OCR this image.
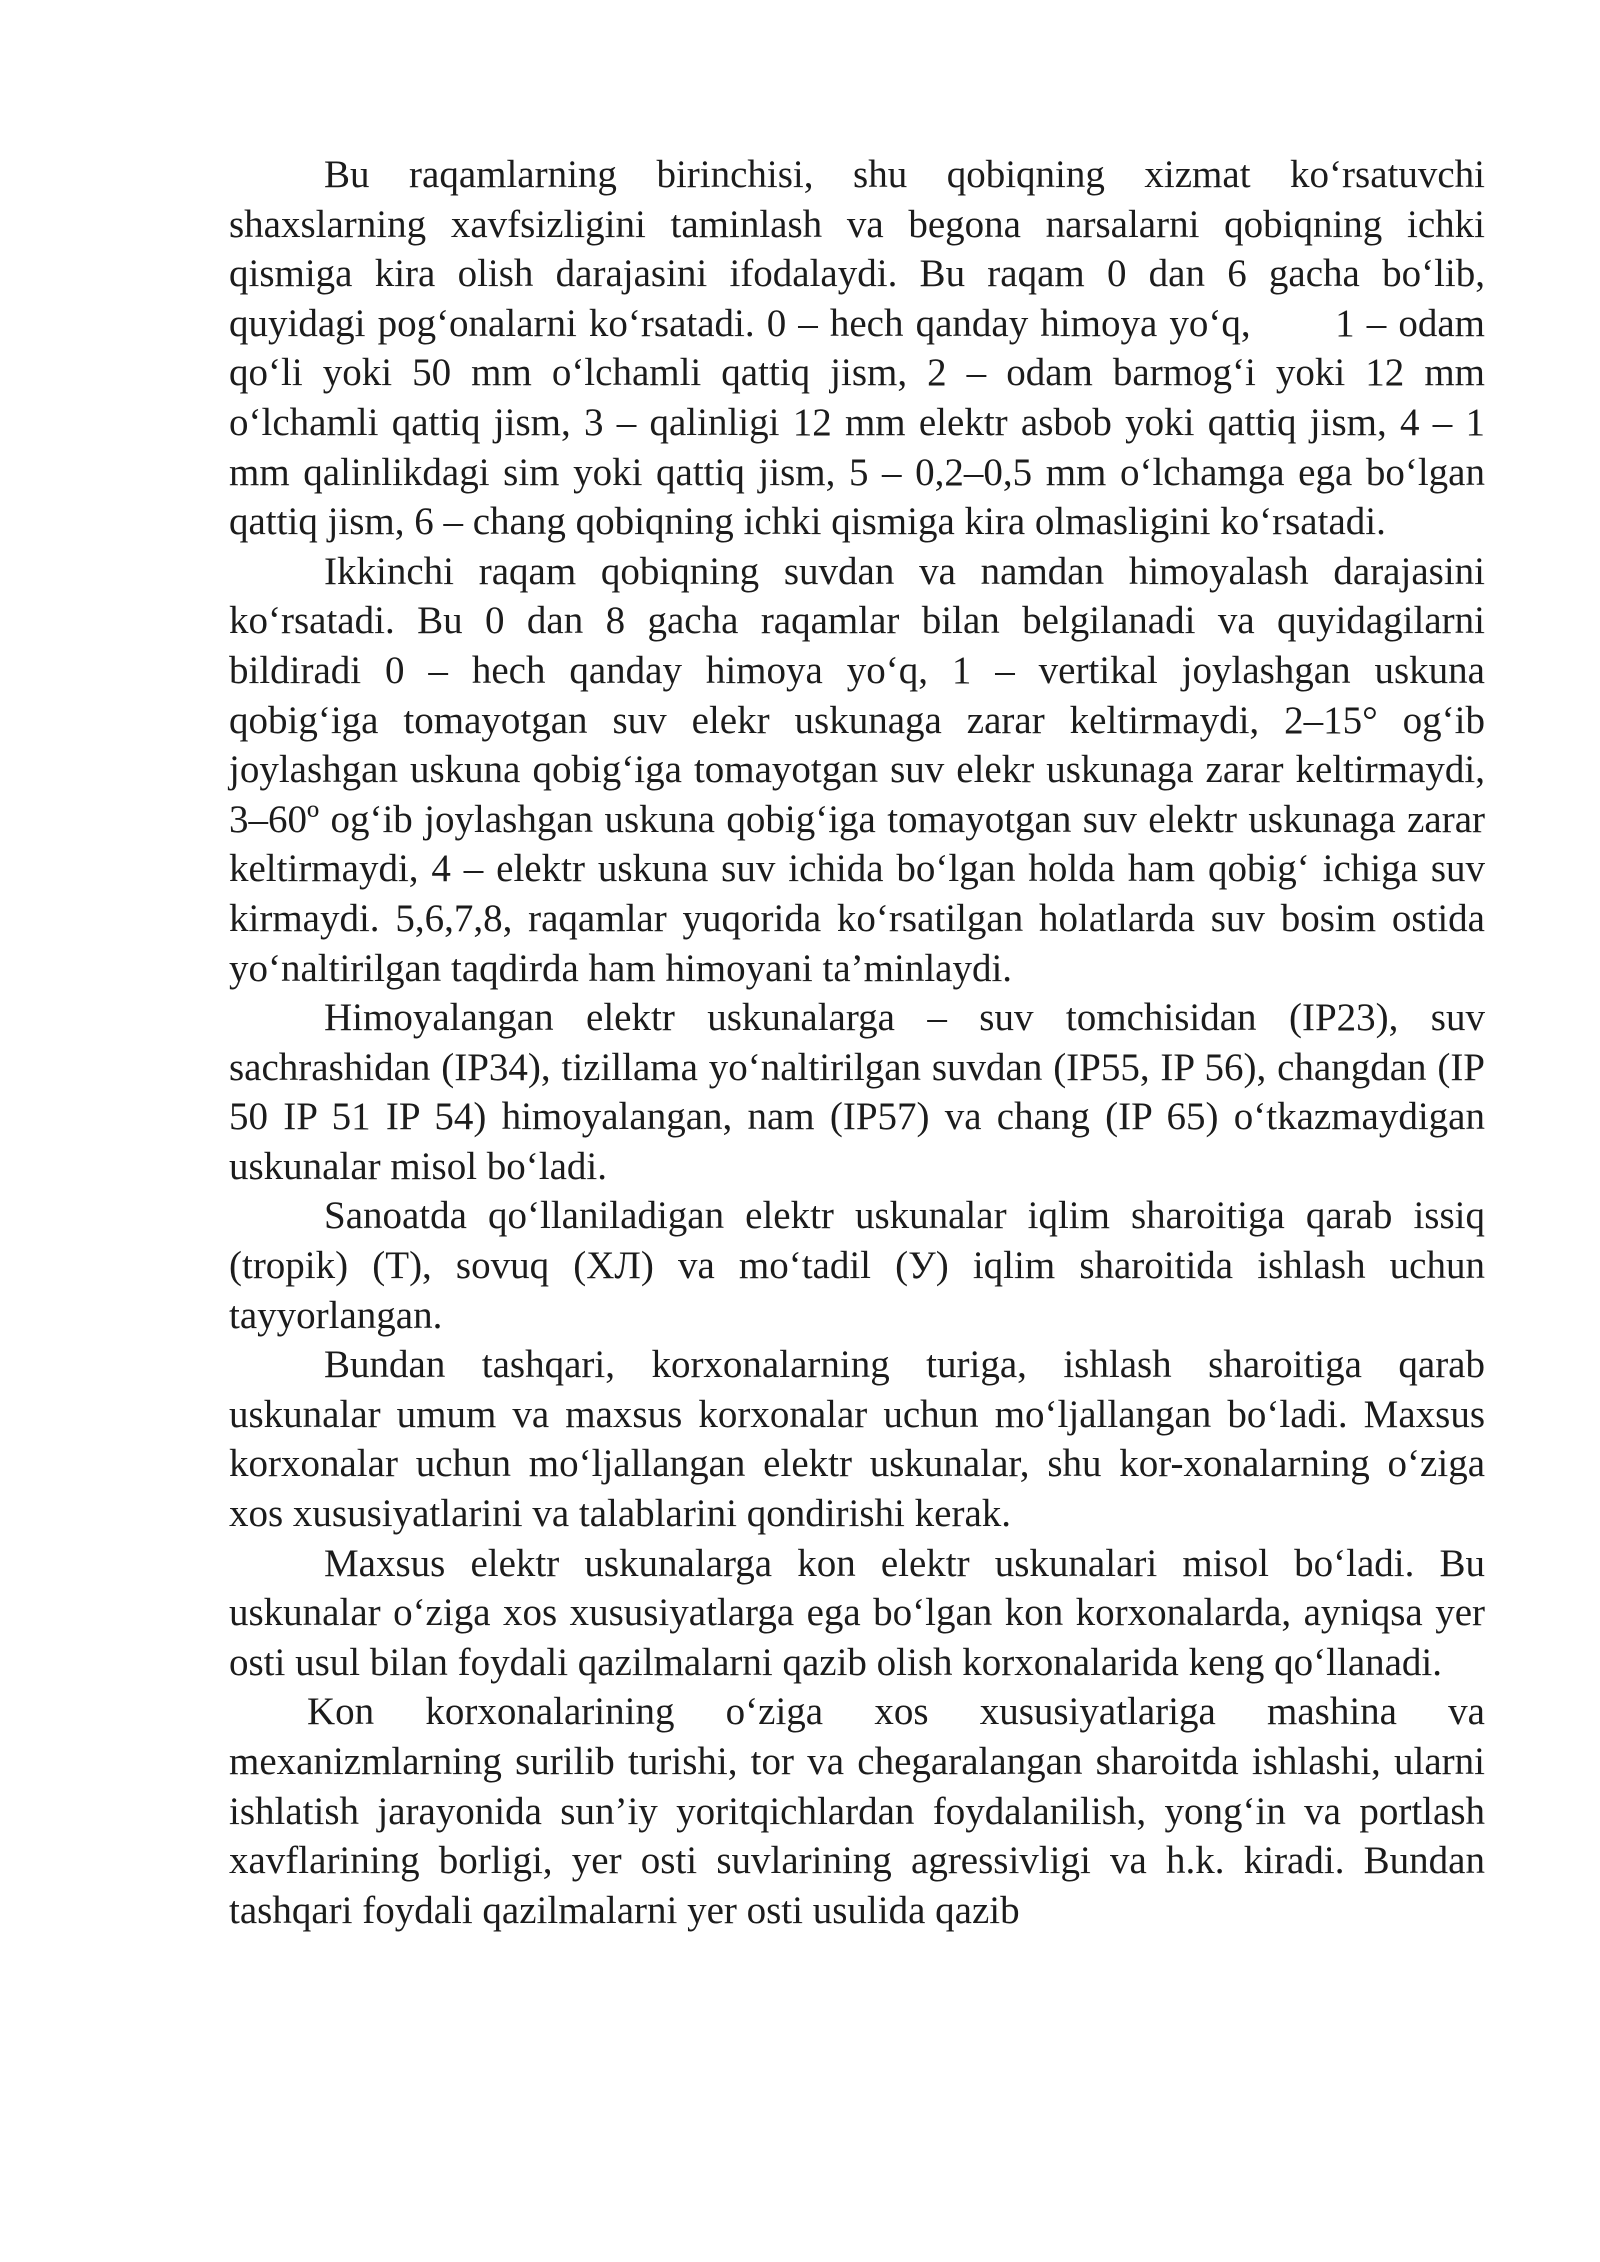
Bu raqamlarning birinchisi, shu qobiqning xizmat ko‘rsatuvchi shaxslarning xavfsizligini taminlash va begona narsalarni qobiqning ichki qismiga kira olish darajasini ifodalaydi. Bu raqam 0 dan 6 gacha bo‘lib, quyidagi pog‘onalarni ko‘rsatadi. 0 – hech qanday himoya yo‘q,       1 – odam qo‘li yoki 50 mm o‘lchamli qattiq jism, 2 – odam barmog‘i yoki 12 mm o‘lchamli qattiq jism, 3 – qalinligi 12 mm elektr asbob yoki qattiq jism, 4 – 1 mm qalinlikdagi sim yoki qattiq jism, 5 – 0,2–0,5 mm o‘lchamga ega bo‘lgan qattiq jism, 6 – chang qobiqning ichki qismiga kira olmasligini ko‘rsatadi.

Ikkinchi raqam qobiqning suvdan va namdan himoyalash darajasini ko‘rsatadi. Bu 0 dan 8 gacha raqamlar bilan belgilanadi va quyidagilarni bildiradi 0 – hech qanday himoya yo‘q, 1 – vertikal joylashgan uskuna qobig‘iga tomayotgan suv elekr uskunaga zarar keltirmaydi, 2–15° og‘ib joylashgan uskuna qobig‘iga tomayotgan suv elekr uskunaga zarar keltirmaydi, 3–60º og‘ib joylashgan uskuna qobig‘iga tomayotgan suv elektr uskunaga zarar keltirmaydi, 4 – elektr uskuna suv ichida bo‘lgan holda ham qobig‘ ichiga suv kirmaydi. 5,6,7,8, raqamlar yuqorida ko‘rsatilgan holatlarda suv bosim ostida yo‘naltirilgan taqdirda ham himoyani ta’minlaydi.

Himoyalangan elektr uskunalarga – suv tomchisidan (IP23), suv sachrashidan (IP34), tizillama yo‘naltirilgan suvdan (IP55, IP 56), changdan (IP 50 IP 51 IP 54) himoyalangan, nam (IP57) va chang (IP 65) o‘tkazmaydigan uskunalar misol bo‘ladi.

Sanoatda qo‘llaniladigan elektr uskunalar iqlim sharoitiga qarab issiq (tropik) (Т), sovuq (ХЛ) va mo‘tadil (У) iqlim sharoitida ishlash uchun tayyorlangan.

Bundan tashqari, korxonalarning turiga, ishlash sharoitiga qarab uskunalar umum va maxsus korxonalar uchun mo‘ljallangan bo‘ladi. Maxsus korxonalar uchun mo‘ljallangan elektr uskunalar, shu kor-xonalarning o‘ziga xos xususiyatlarini va talablarini qondirishi kerak.

Maxsus elektr uskunalarga kon elektr uskunalari misol bo‘ladi. Bu uskunalar o‘ziga xos xususiyatlarga ega bo‘lgan kon korxonalarda, ayniqsa yer osti usul bilan foydali qazilmalarni qazib olish korxonalarida keng qo‘llanadi.

Kon korxonalarining o‘ziga xos xususiyatlariga mashina va mexanizmlarning surilib turishi, tor va chegaralangan sharoitda ishlashi, ularni ishlatish jarayonida sun’iy yoritqichlardan foydalanilish, yong‘in va portlash xavflarining borligi, yer osti suvlarining agressivligi va h.k. kiradi. Bundan tashqari foydali qazilmalarni yer osti usulida qazib
